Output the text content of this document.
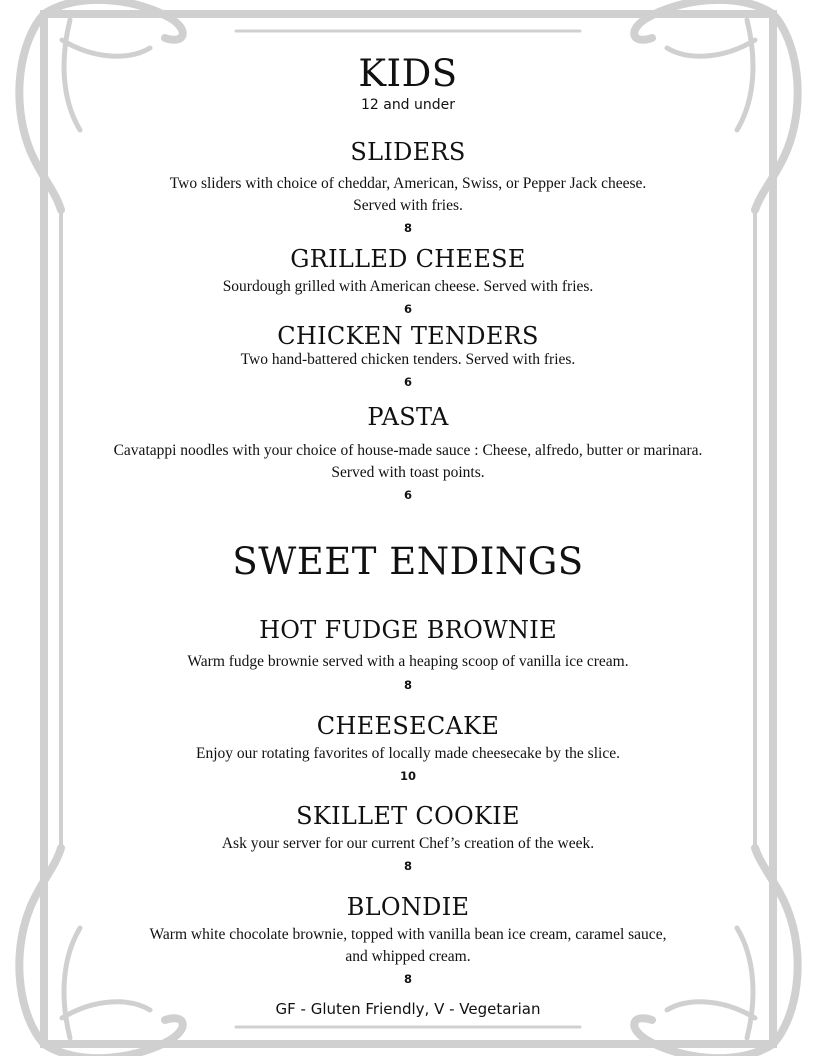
KIDS
12 and under
SLIDERS
Two sliders with choice of cheddar, American, Swiss, or Pepper Jack cheese.
Served with fries.
8
GRILLED CHEESE
Sourdough grilled with American cheese. Served with fries.
6
CHICKEN TENDERS
Two hand-battered chicken tenders. Served with fries.
6
PASTA
Cavatappi noodles with your choice of house-made sauce : Cheese, alfredo, butter or marinara.
Served with toast points.
6
SWEET ENDINGS
HOT FUDGE BROWNIE
Warm fudge brownie served with a heaping scoop of vanilla ice cream.
8
CHEESECAKE
Enjoy our rotating favorites of locally made cheesecake by the slice.
10
SKILLET COOKIE
Ask your server for our current Chef’s creation of the week.
8
BLONDIE
Warm white chocolate brownie, topped with vanilla bean ice cream, caramel sauce,
and whipped cream.
8
GF - Gluten Friendly, V - Vegetarian
